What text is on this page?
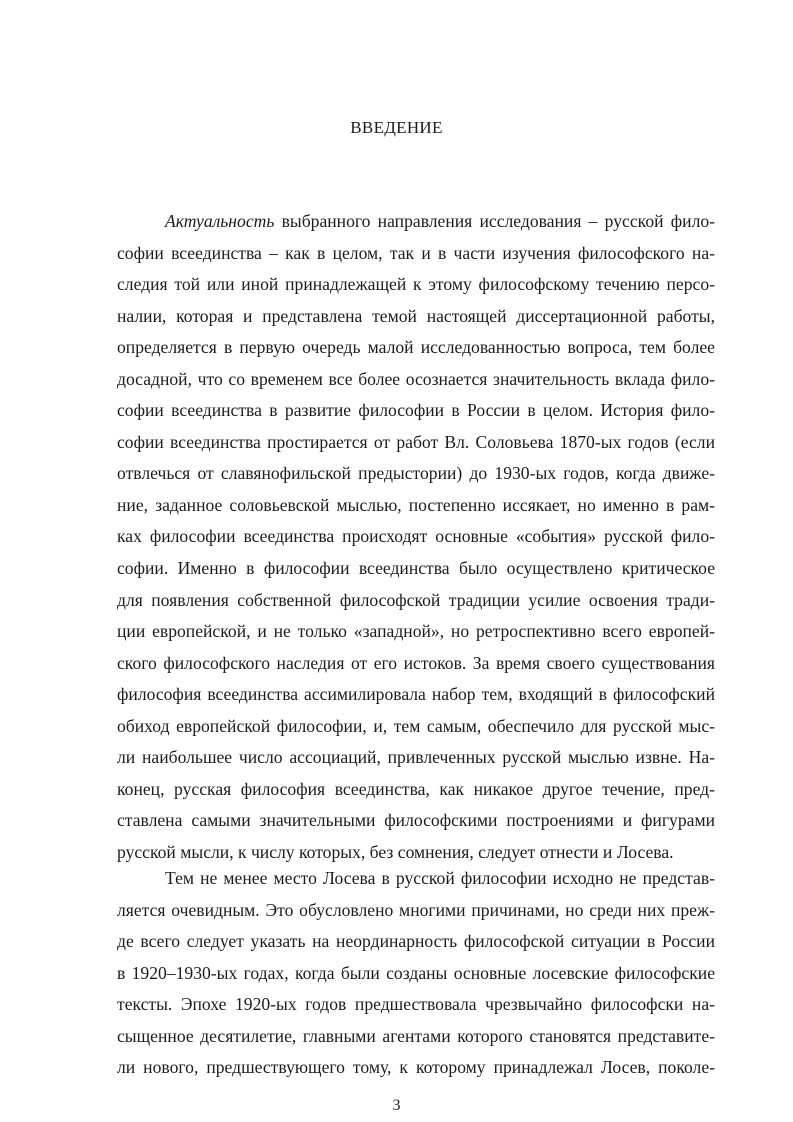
ВВЕДЕНИЕ
Актуальность выбранного направления исследования – русской фило-
софии всеединства – как в целом, так и в части изучения философского на-
следия той или иной принадлежащей к этому философскому течению персо-
налии, которая и представлена темой настоящей диссертационной работы,
определяется в первую очередь малой исследованностью вопроса, тем более
досадной, что со временем все более осознается значительность вклада фило-
софии всеединства в развитие философии в России в целом. История фило-
софии всеединства простирается от работ Вл. Соловьева 1870-ых годов (если
отвлечься от славянофильской предыстории) до 1930-ых годов, когда движе-
ние, заданное соловьевской мыслью, постепенно иссякает, но именно в рам-
ках философии всеединства происходят основные «события» русской фило-
софии. Именно в философии всеединства было осуществлено критическое
для появления собственной философской традиции усилие освоения тради-
ции европейской, и не только «западной», но ретроспективно всего европей-
ского философского наследия от его истоков. За время своего существования
философия всеединства ассимилировала набор тем, входящий в философский
обиход европейской философии, и, тем самым, обеспечило для русской мыс-
ли наибольшее число ассоциаций, привлеченных русской мыслью извне. На-
конец, русская философия всеединства, как никакое другое течение, пред-
ставлена самыми значительными философскими построениями и фигурами
русской мысли, к числу которых, без сомнения, следует отнести и Лосева.
Тем не менее место Лосева в русской философии исходно не представ-
ляется очевидным. Это обусловлено многими причинами, но среди них преж-
де всего следует указать на неординарность философской ситуации в России
в 1920–1930-ых годах, когда были созданы основные лосевские философские
тексты. Эпохе 1920-ых годов предшествовала чрезвычайно философски на-
сыщенное десятилетие, главными агентами которого становятся представите-
ли нового, предшествующего тому, к которому принадлежал Лосев, поколе-
3
